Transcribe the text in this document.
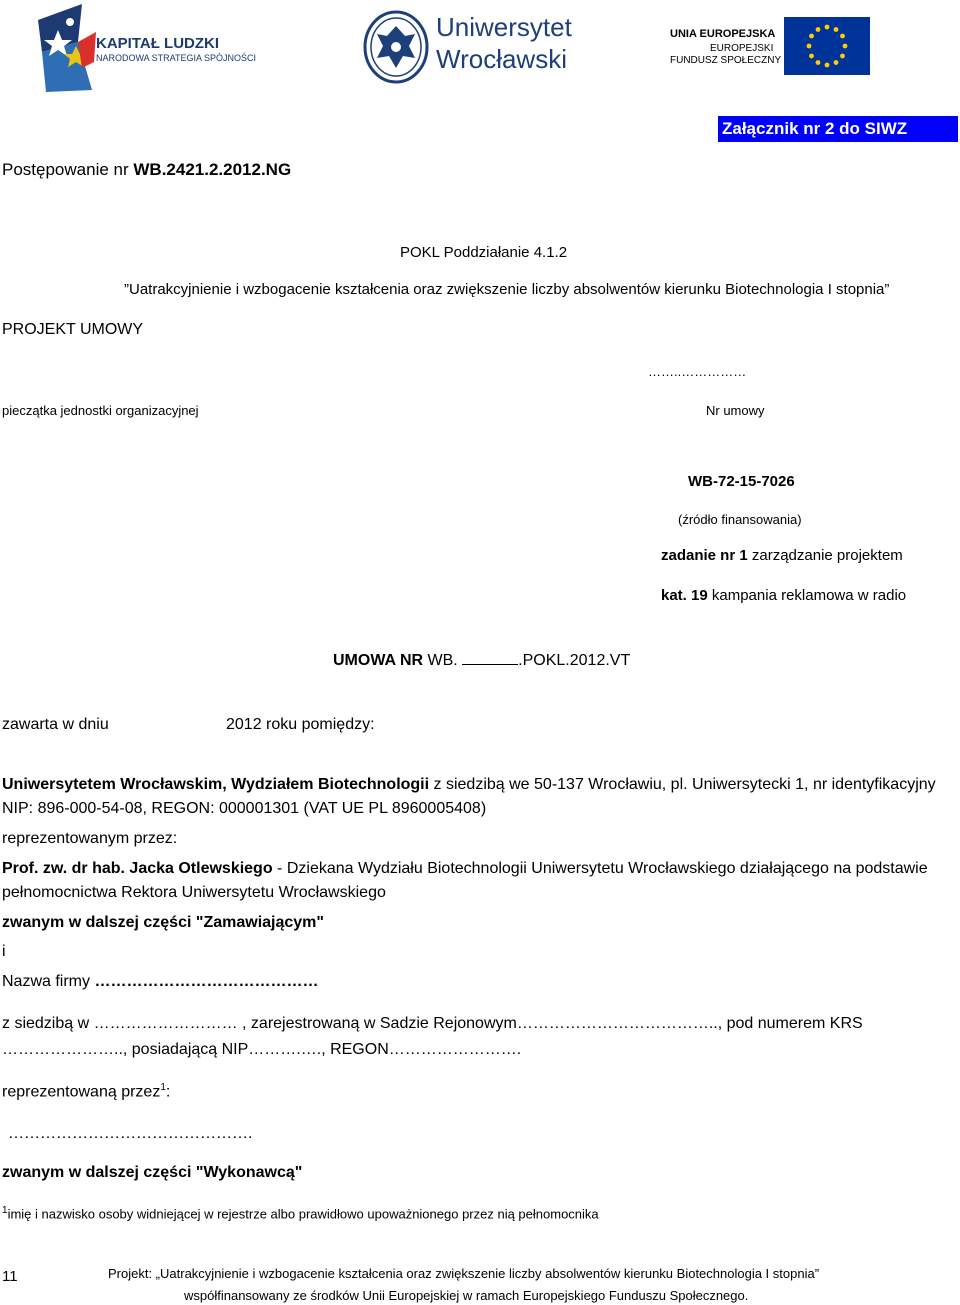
KAPITAŁ LUDZKI
NARODOWA STRATEGIA SPÓJNOŚCI
Uniwersytet
Wrocławski
UNIA EUROPEJSKA
EUROPEJSKI
FUNDUSZ SPOŁECZNY
Załącznik nr 2 do SIWZ
Postępowanie nr WB.2421.2.2012.NG
POKL Poddziałanie 4.1.2
”Uatrakcyjnienie i wzbogacenie kształcenia oraz zwiększenie liczby absolwentów kierunku Biotechnologia I stopnia”
PROJEKT UMOWY
……..……………
pieczątka jednostki organizacyjnej	Nr umowy
WB-72-15-7026
(źródło finansowania)
zadanie nr 1 zarządzanie projektem
kat. 19 kampania reklamowa w radio
UMOWA NR WB.	.POKL.2012.VT
zawarta w dniu	2012 roku pomiędzy:
Uniwersytetem Wrocławskim, Wydziałem Biotechnologii z siedzibą we 50-137 Wrocławiu, pl. Uniwersytecki 1, nr identyfikacyjny
NIP: 896-000-54-08, REGON: 000001301 (VAT UE PL 8960005408)
reprezentowanym przez:
Prof. zw. dr hab. Jacka Otlewskiego - Dziekana Wydziału Biotechnologii Uniwersytetu Wrocławskiego działającego na podstawie
pełnomocnictwa Rektora Uniwersytetu Wrocławskiego
zwanym w dalszej części "Zamawiającym"
i
Nazwa firmy ……………………………………
z siedzibą w ……………………… , zarejestrowaną w Sadzie Rejonowym……………………………….., pod numerem KRS
………………….., posiadającą NIP……….…., REGON…………………….
reprezentowaną przez$^1$:
……………………………………….
zwanym w dalszej części "Wykonawcą"
$^1$imię i nazwisko osoby widniejącej w rejestrze albo prawidłowo upoważnionego przez nią pełnomocnika
11	Projekt: „Uatrakcyjnienie i wzbogacenie kształcenia oraz zwiększenie liczby absolwentów kierunku Biotechnologia I stopnia”
współfinansowany ze środków Unii Europejskiej w ramach Europejskiego Funduszu Społecznego.
